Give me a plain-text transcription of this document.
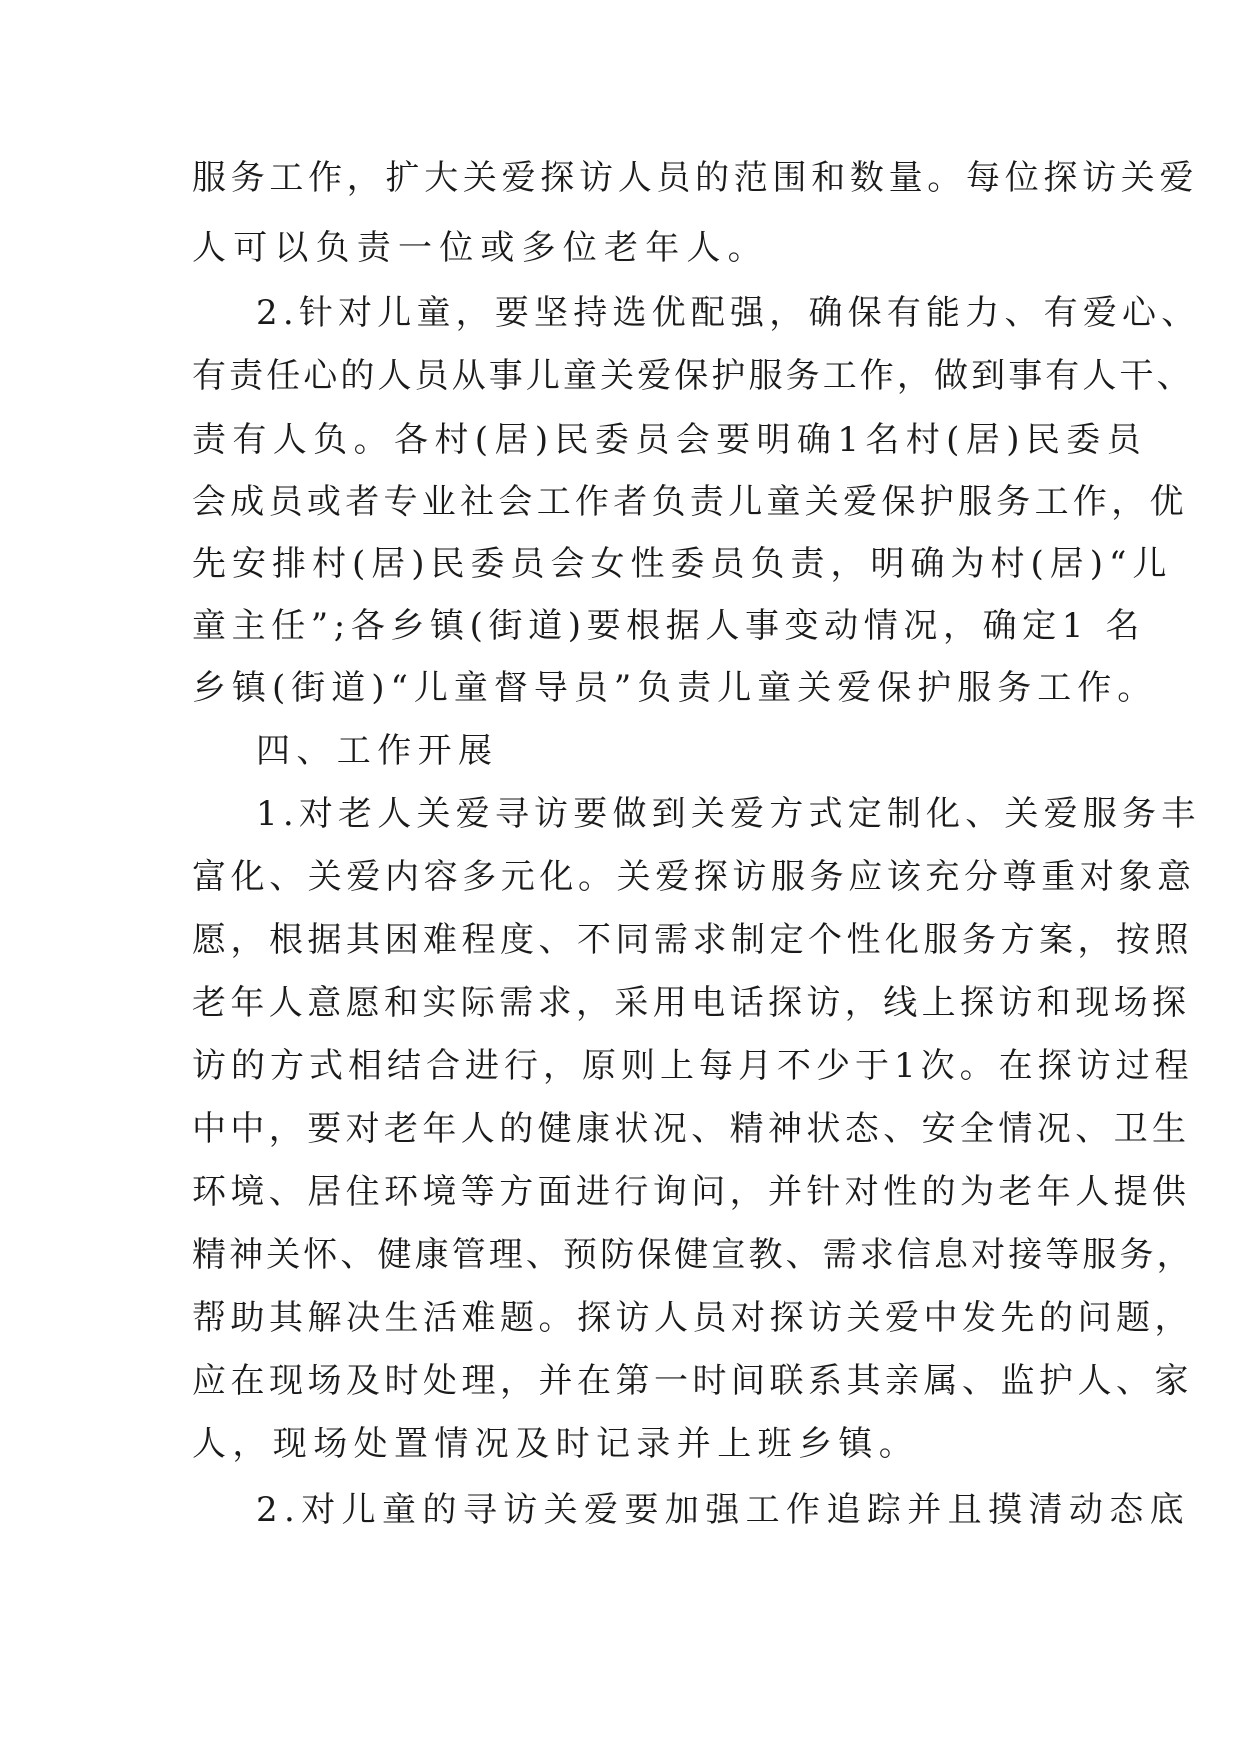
服务工作，扩大关爱探访人员的范围和数量。每位探访关爱
人可以负责一位或多位老年人。
2.针对儿童，要坚持选优配强，确保有能力、有爱心、
有责任心的人员从事儿童关爱保护服务工作，做到事有人干、
责有人负。各村(居)民委员会要明确1名村(居)民委员
会成员或者专业社会工作者负责儿童关爱保护服务工作，优
先安排村(居)民委员会女性委员负责，明确为村(居)“儿
童主任”;各乡镇(街道)要根据人事变动情况，确定1 名
乡镇(街道)“儿童督导员”负责儿童关爱保护服务工作。
四、工作开展
1.对老人关爱寻访要做到关爱方式定制化、关爱服务丰
富化、关爱内容多元化。关爱探访服务应该充分尊重对象意
愿，根据其困难程度、不同需求制定个性化服务方案，按照
老年人意愿和实际需求，采用电话探访，线上探访和现场探
访的方式相结合进行，原则上每月不少于1次。在探访过程
中中，要对老年人的健康状况、精神状态、安全情况、卫生
环境、居住环境等方面进行询问，并针对性的为老年人提供
精神关怀、健康管理、预防保健宣教、需求信息对接等服务，
帮助其解决生活难题。探访人员对探访关爱中发先的问题，
应在现场及时处理，并在第一时间联系其亲属、监护人、家
人，现场处置情况及时记录并上班乡镇。
2.对儿童的寻访关爱要加强工作追踪并且摸清动态底
